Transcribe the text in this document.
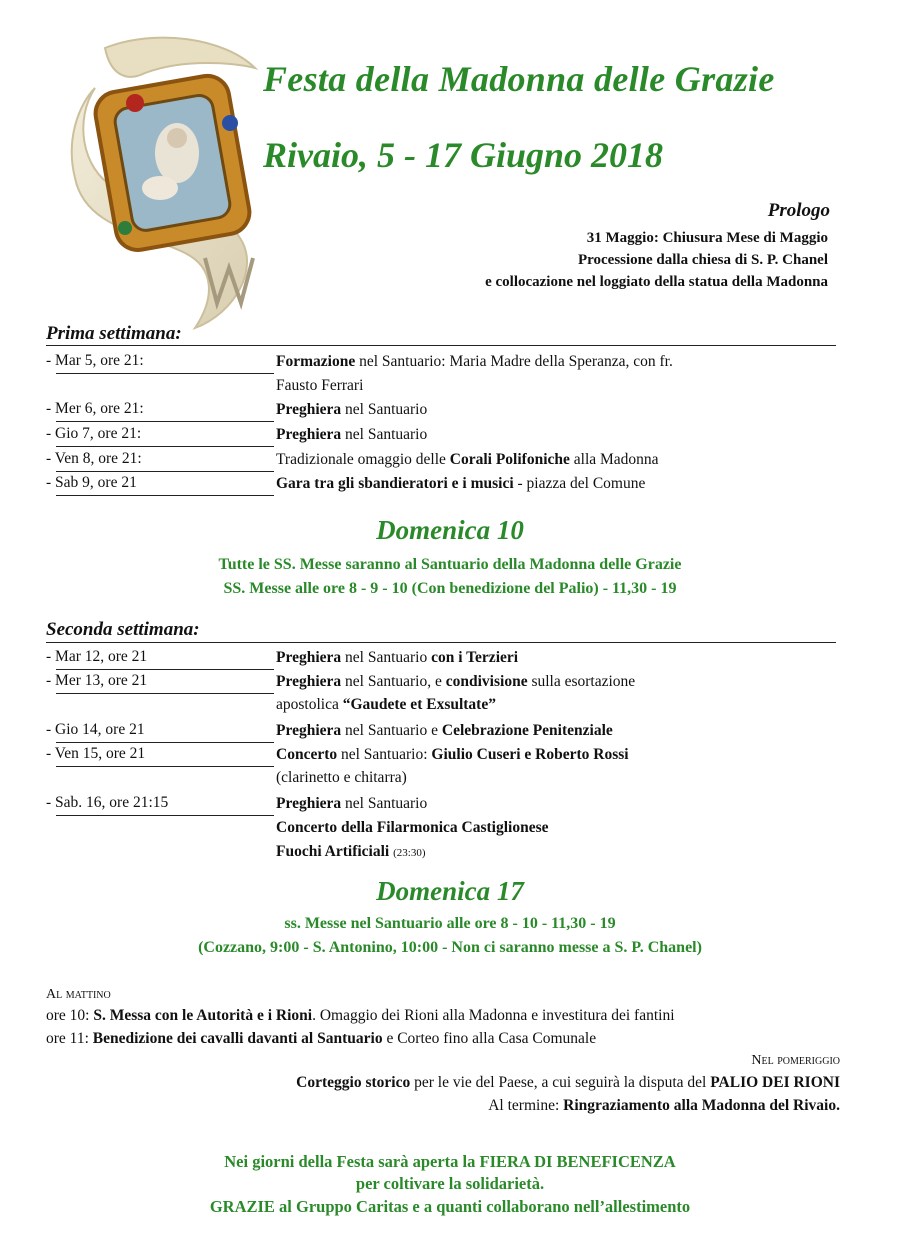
Festa della Madonna delle Grazie
Rivaio, 5 - 17 Giugno 2018
Prologo
31 Maggio: Chiusura Mese di Maggio
Processione dalla chiesa di S. P. Chanel
e collocazione nel loggiato della statua della Madonna
Prima settimana:
- Mar 5, ore 21:	Formazione nel Santuario: Maria Madre della Speranza, con fr.
Fausto Ferrari
- Mer 6, ore 21:	Preghiera nel Santuario
- Gio 7, ore 21:	Preghiera nel Santuario
- Ven 8, ore 21:	Tradizionale omaggio delle Corali Polifoniche alla Madonna
- Sab 9, ore 21	Gara tra gli sbandieratori e i musici - piazza del Comune
Domenica 10
Tutte le SS. Messe saranno al Santuario della Madonna delle Grazie
SS. Messe alle ore 8 - 9 - 10 (Con benedizione del Palio) - 11,30 - 19
Seconda settimana:
- Mar 12, ore 21	Preghiera nel Santuario con i Terzieri
- Mer 13, ore 21	Preghiera nel Santuario, e condivisione sulla esortazione
apostolica “Gaudete et Exsultate”
- Gio 14, ore 21	Preghiera nel Santuario e Celebrazione Penitenziale
- Ven 15, ore 21	Concerto nel Santuario: Giulio Cuseri e Roberto Rossi
(clarinetto e chitarra)
- Sab. 16, ore 21:15	Preghiera nel Santuario
Concerto della Filarmonica Castiglionese
Fuochi Artificiali (23:30)
Domenica 17
ss. Messe nel Santuario alle ore 8 - 10 - 11,30 - 19
(Cozzano, 9:00 - S. Antonino, 10:00 - Non ci saranno messe a S. P. Chanel)
Al mattino
ore 10: S. Messa con le Autorità e i Rioni. Omaggio dei Rioni alla Madonna e investitura dei fantini
ore 11: Benedizione dei cavalli davanti al Santuario e Corteo fino alla Casa Comunale
Nel pomeriggio
Corteggio storico per le vie del Paese, a cui seguirà la disputa del PALIO DEI RIONI
Al termine: Ringraziamento alla Madonna del Rivaio.
Nei giorni della Festa sarà aperta la FIERA DI BENEFICENZA
per coltivare la solidarietà.
GRAZIE al Gruppo Caritas e a quanti collaborano nell’allestimento
